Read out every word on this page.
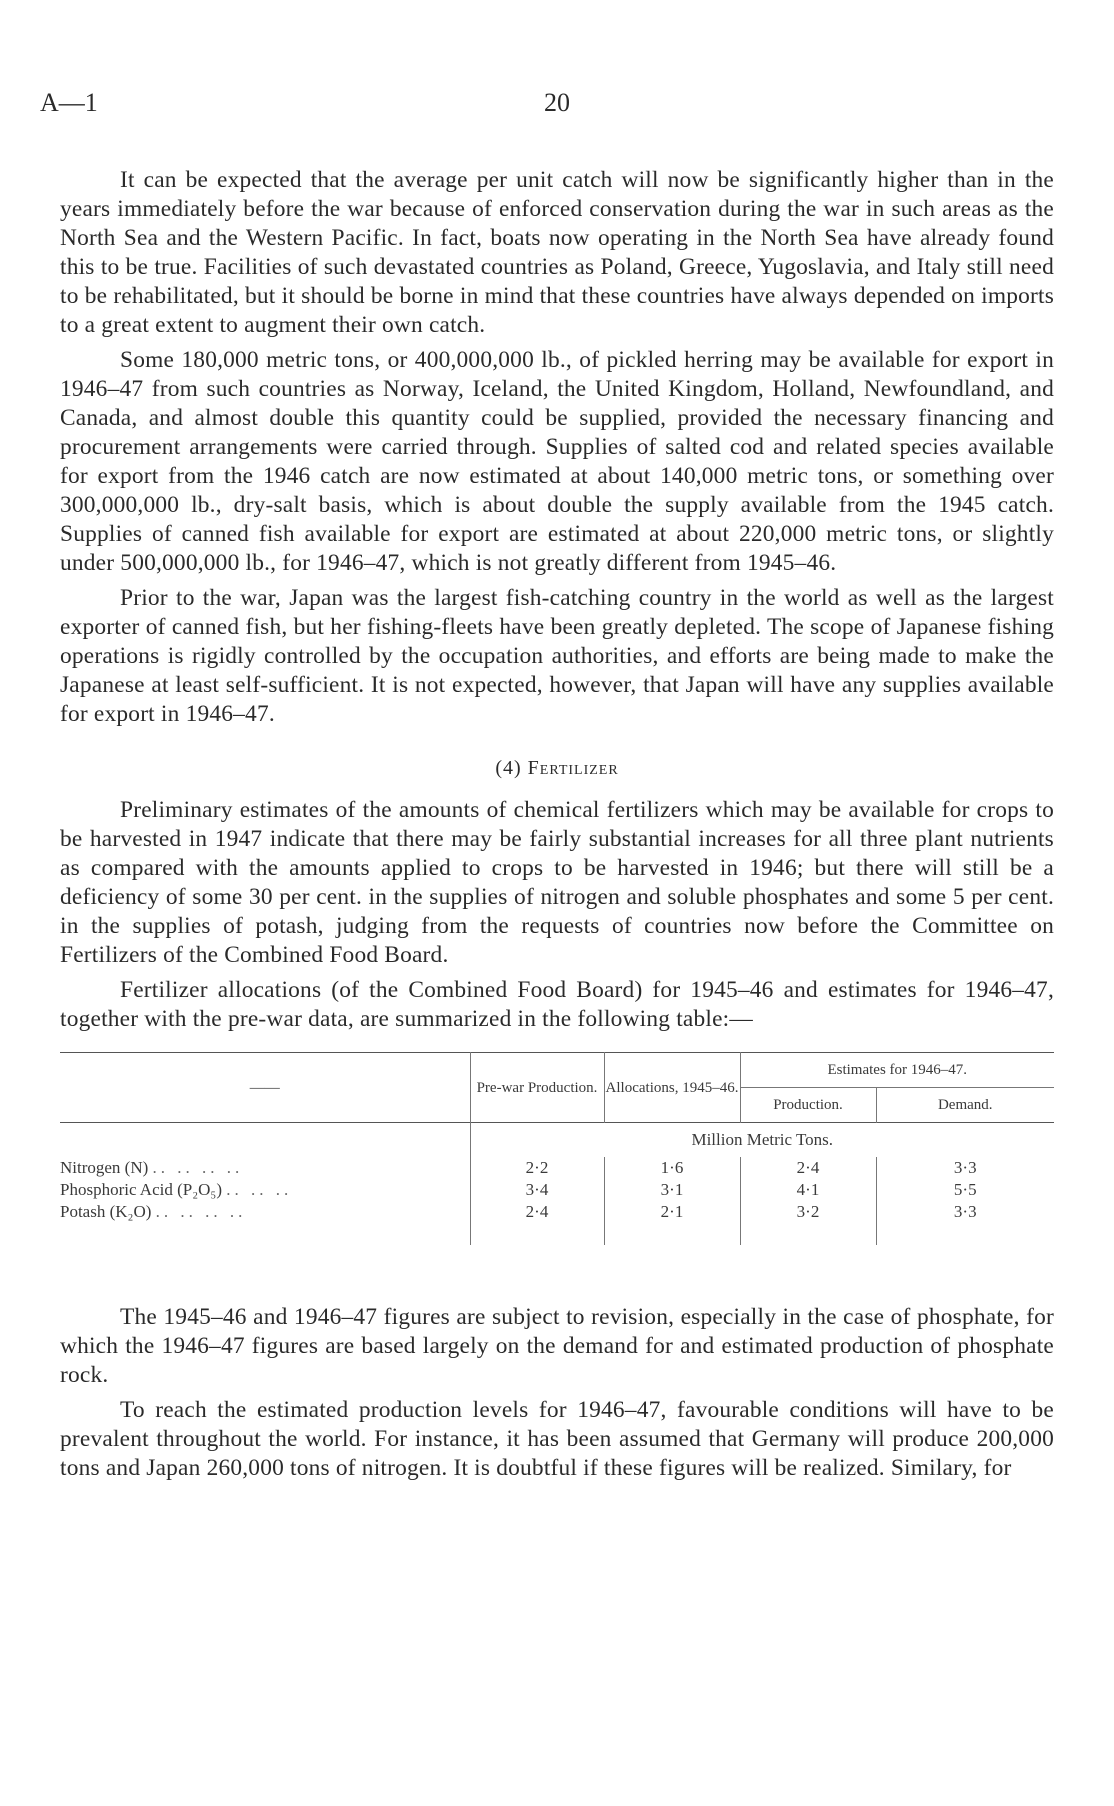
A—1	20

It can be expected that the average per unit catch will now be significantly higher than in the years immediately before the war because of enforced conservation during the war in such areas as the North Sea and the Western Pacific. In fact, boats now operating in the North Sea have already found this to be true. Facilities of such devastated countries as Poland, Greece, Yugoslavia, and Italy still need to be rehabilitated, but it should be borne in mind that these countries have always depended on imports to a great extent to augment their own catch.

Some 180,000 metric tons, or 400,000,000 lb., of pickled herring may be available for export in 1946–47 from such countries as Norway, Iceland, the United Kingdom, Holland, Newfoundland, and Canada, and almost double this quantity could be supplied, provided the necessary financing and procurement arrangements were carried through. Supplies of salted cod and related species available for export from the 1946 catch are now estimated at about 140,000 metric tons, or something over 300,000,000 lb., dry-salt basis, which is about double the supply available from the 1945 catch. Supplies of canned fish available for export are estimated at about 220,000 metric tons, or slightly under 500,000,000 lb., for 1946–47, which is not greatly different from 1945–46.

Prior to the war, Japan was the largest fish-catching country in the world as well as the largest exporter of canned fish, but her fishing-fleets have been greatly depleted. The scope of Japanese fishing operations is rigidly controlled by the occupation authorities, and efforts are being made to make the Japanese at least self-sufficient. It is not expected, however, that Japan will have any supplies available for export in 1946–47.

(4) Fertilizer

Preliminary estimates of the amounts of chemical fertilizers which may be available for crops to be harvested in 1947 indicate that there may be fairly substantial increases for all three plant nutrients as compared with the amounts applied to crops to be harvested in 1946; but there will still be a deficiency of some 30 per cent. in the supplies of nitrogen and soluble phosphates and some 5 per cent. in the supplies of potash, judging from the requests of countries now before the Committee on Fertilizers of the Combined Food Board.

Fertilizer allocations (of the Combined Food Board) for 1945–46 and estimates for 1946–47, together with the pre-war data, are summarized in the following table:—

——	Pre-war Production.	Allocations, 1945–46.	Estimates for 1946–47.	
			Production.	Demand.
	Million Metric Tons.			
Nitrogen (N) .. .. .. ..	2·2	1·6	2·4	3·3
Phosphoric Acid (P₂O₅) .. .. ..	3·4	3·1	4·1	5·5
Potash (K₂O) .. .. .. ..	2·4	2·1	3·2	3·3

The 1945–46 and 1946–47 figures are subject to revision, especially in the case of phosphate, for which the 1946–47 figures are based largely on the demand for and estimated production of phosphate rock.

To reach the estimated production levels for 1946–47, favourable conditions will have to be prevalent throughout the world. For instance, it has been assumed that Germany will produce 200,000 tons and Japan 260,000 tons of nitrogen. It is doubtful if these figures will be realized. Similary, for
